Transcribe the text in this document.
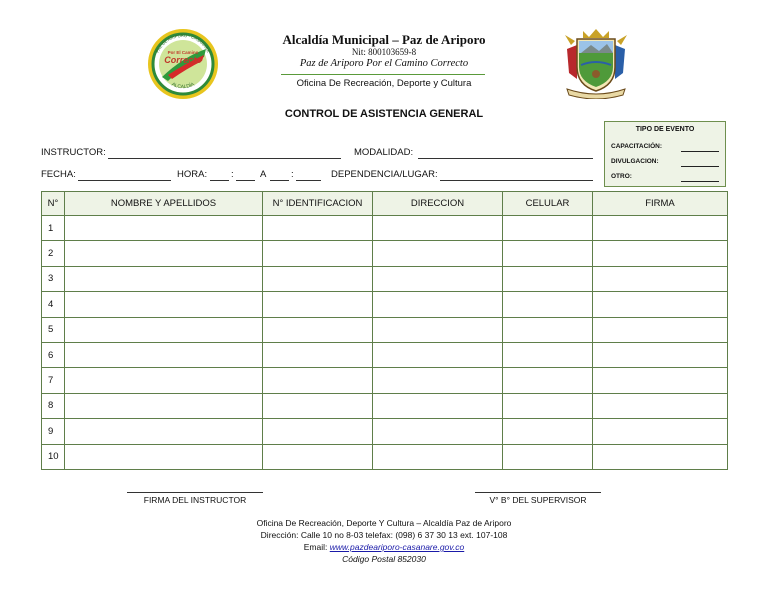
PAZ DE ARIPORO - CASANARE
Por El Camino
Correcto
ALCALDÍA
Alcaldía Municipal – Paz de Ariporo
Nit: 800103659-8
Paz de Ariporo Por el Camino Correcto
Oficina De Recreación, Deporte y Cultura
CONTROL DE ASISTENCIA GENERAL
TIPO DE EVENTO
CAPACITACIÓN:
DIVULGACION:
OTRO:
INSTRUCTOR:	MODALIDAD:
FECHA:	HORA:	:	A	:	DEPENDENCIA/LUGAR:
N°	NOMBRE Y APELLIDOS	N° IDENTIFICACION	DIRECCION	CELULAR	FIRMA
1					
2					
3					
4					
5					
6					
7					
8					
9					
10					
FIRMA DEL INSTRUCTOR	V° B° DEL SUPERVISOR
Oficina De Recreación, Deporte Y Cultura – Alcaldía Paz de Ariporo
Dirección: Calle 10 no 8-03 telefax: (098) 6 37 30 13 ext. 107-108
Email: www.pazdeariporo-casanare.gov.co
Código Postal 852030
